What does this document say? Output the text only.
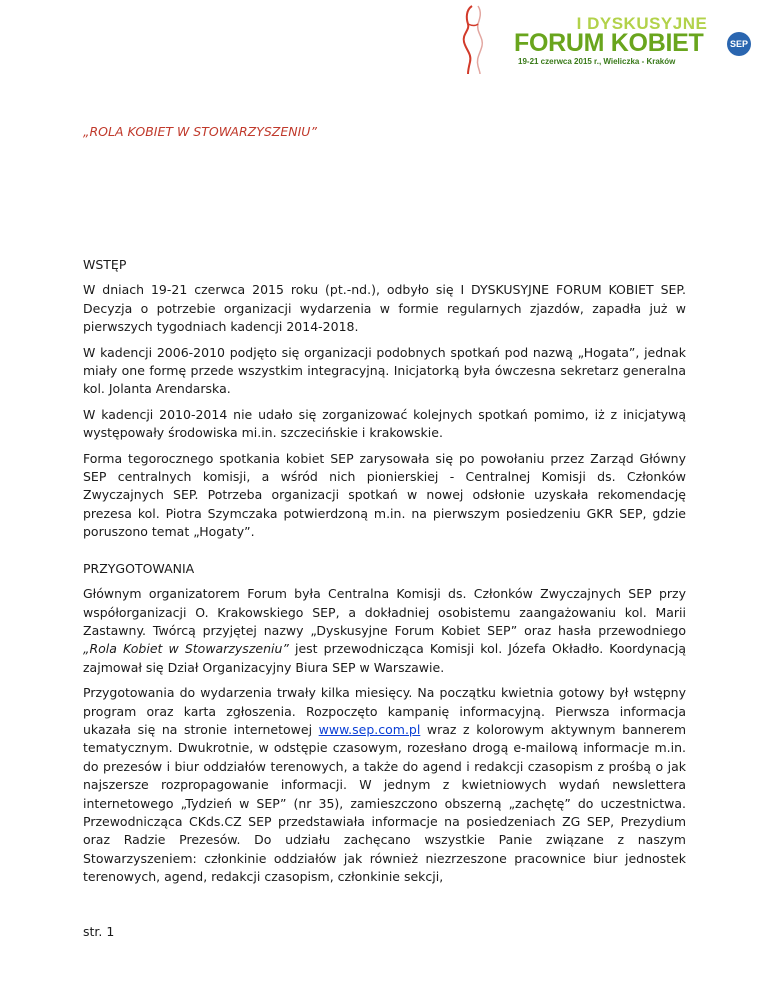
I DYSKUSYJNE
FORUM KOBIET	SEP
19-21 czerwca 2015 r., Wieliczka - Kraków
„ROLA KOBIET W STOWARZYSZENIU”
WSTĘP

W dniach 19-21 czerwca 2015 roku (pt.-nd.), odbyło się I DYSKUSYJNE FORUM KOBIET SEP. Decyzja o potrzebie organizacji wydarzenia w formie regularnych zjazdów, zapadła już w pierwszych tygodniach kadencji 2014-2018.

W kadencji 2006-2010 podjęto się organizacji podobnych spotkań pod nazwą „Hogata”, jednak miały one formę przede wszystkim integracyjną. Inicjatorką była ówczesna sekretarz generalna kol. Jolanta Arendarska.

W kadencji 2010-2014 nie udało się zorganizować kolejnych spotkań pomimo, iż z inicjatywą występowały środowiska mi.in. szczecińskie i krakowskie.

Forma tegorocznego spotkania kobiet SEP zarysowała się po powołaniu przez Zarząd Główny SEP centralnych komisji, a wśród nich pionierskiej - Centralnej Komisji ds. Członków Zwyczajnych SEP. Potrzeba organizacji spotkań w nowej odsłonie uzyskała rekomendację prezesa kol. Piotra Szymczaka potwierdzoną m.in. na pierwszym posiedzeniu GKR SEP, gdzie poruszono temat „Hogaty”.

PRZYGOTOWANIA

Głównym organizatorem Forum była Centralna Komisji ds. Członków Zwyczajnych SEP przy współorganizacji O. Krakowskiego SEP, a dokładniej osobistemu zaangażowaniu kol. Marii Zastawny. Twórcą przyjętej nazwy „Dyskusyjne Forum Kobiet SEP” oraz hasła przewodniego „Rola Kobiet w Stowarzyszeniu” jest przewodnicząca Komisji kol. Józefa Okładło. Koordynacją zajmował się Dział Organizacyjny Biura SEP w Warszawie.

Przygotowania do wydarzenia trwały kilka miesięcy. Na początku kwietnia gotowy był wstępny program oraz karta zgłoszenia. Rozpoczęto kampanię informacyjną. Pierwsza informacja ukazała się na stronie internetowej www.sep.com.pl wraz z kolorowym aktywnym bannerem tematycznym. Dwukrotnie, w odstępie czasowym, rozesłano drogą e-mailową informacje m.in. do prezesów i biur oddziałów terenowych, a także do agend i redakcji czasopism z prośbą o jak najszersze rozpropagowanie informacji. W jednym z kwietniowych wydań newslettera internetowego „Tydzień w SEP” (nr 35), zamieszczono obszerną „zachętę” do uczestnictwa. Przewodnicząca CKds.CZ SEP przedstawiała informacje na posiedzeniach ZG SEP, Prezydium oraz Radzie Prezesów. Do udziału zachęcano wszystkie Panie związane z naszym Stowarzyszeniem: członkinie oddziałów jak również niezrzeszone pracownice biur jednostek terenowych, agend, redakcji czasopism, członkinie sekcji,

str. 1
